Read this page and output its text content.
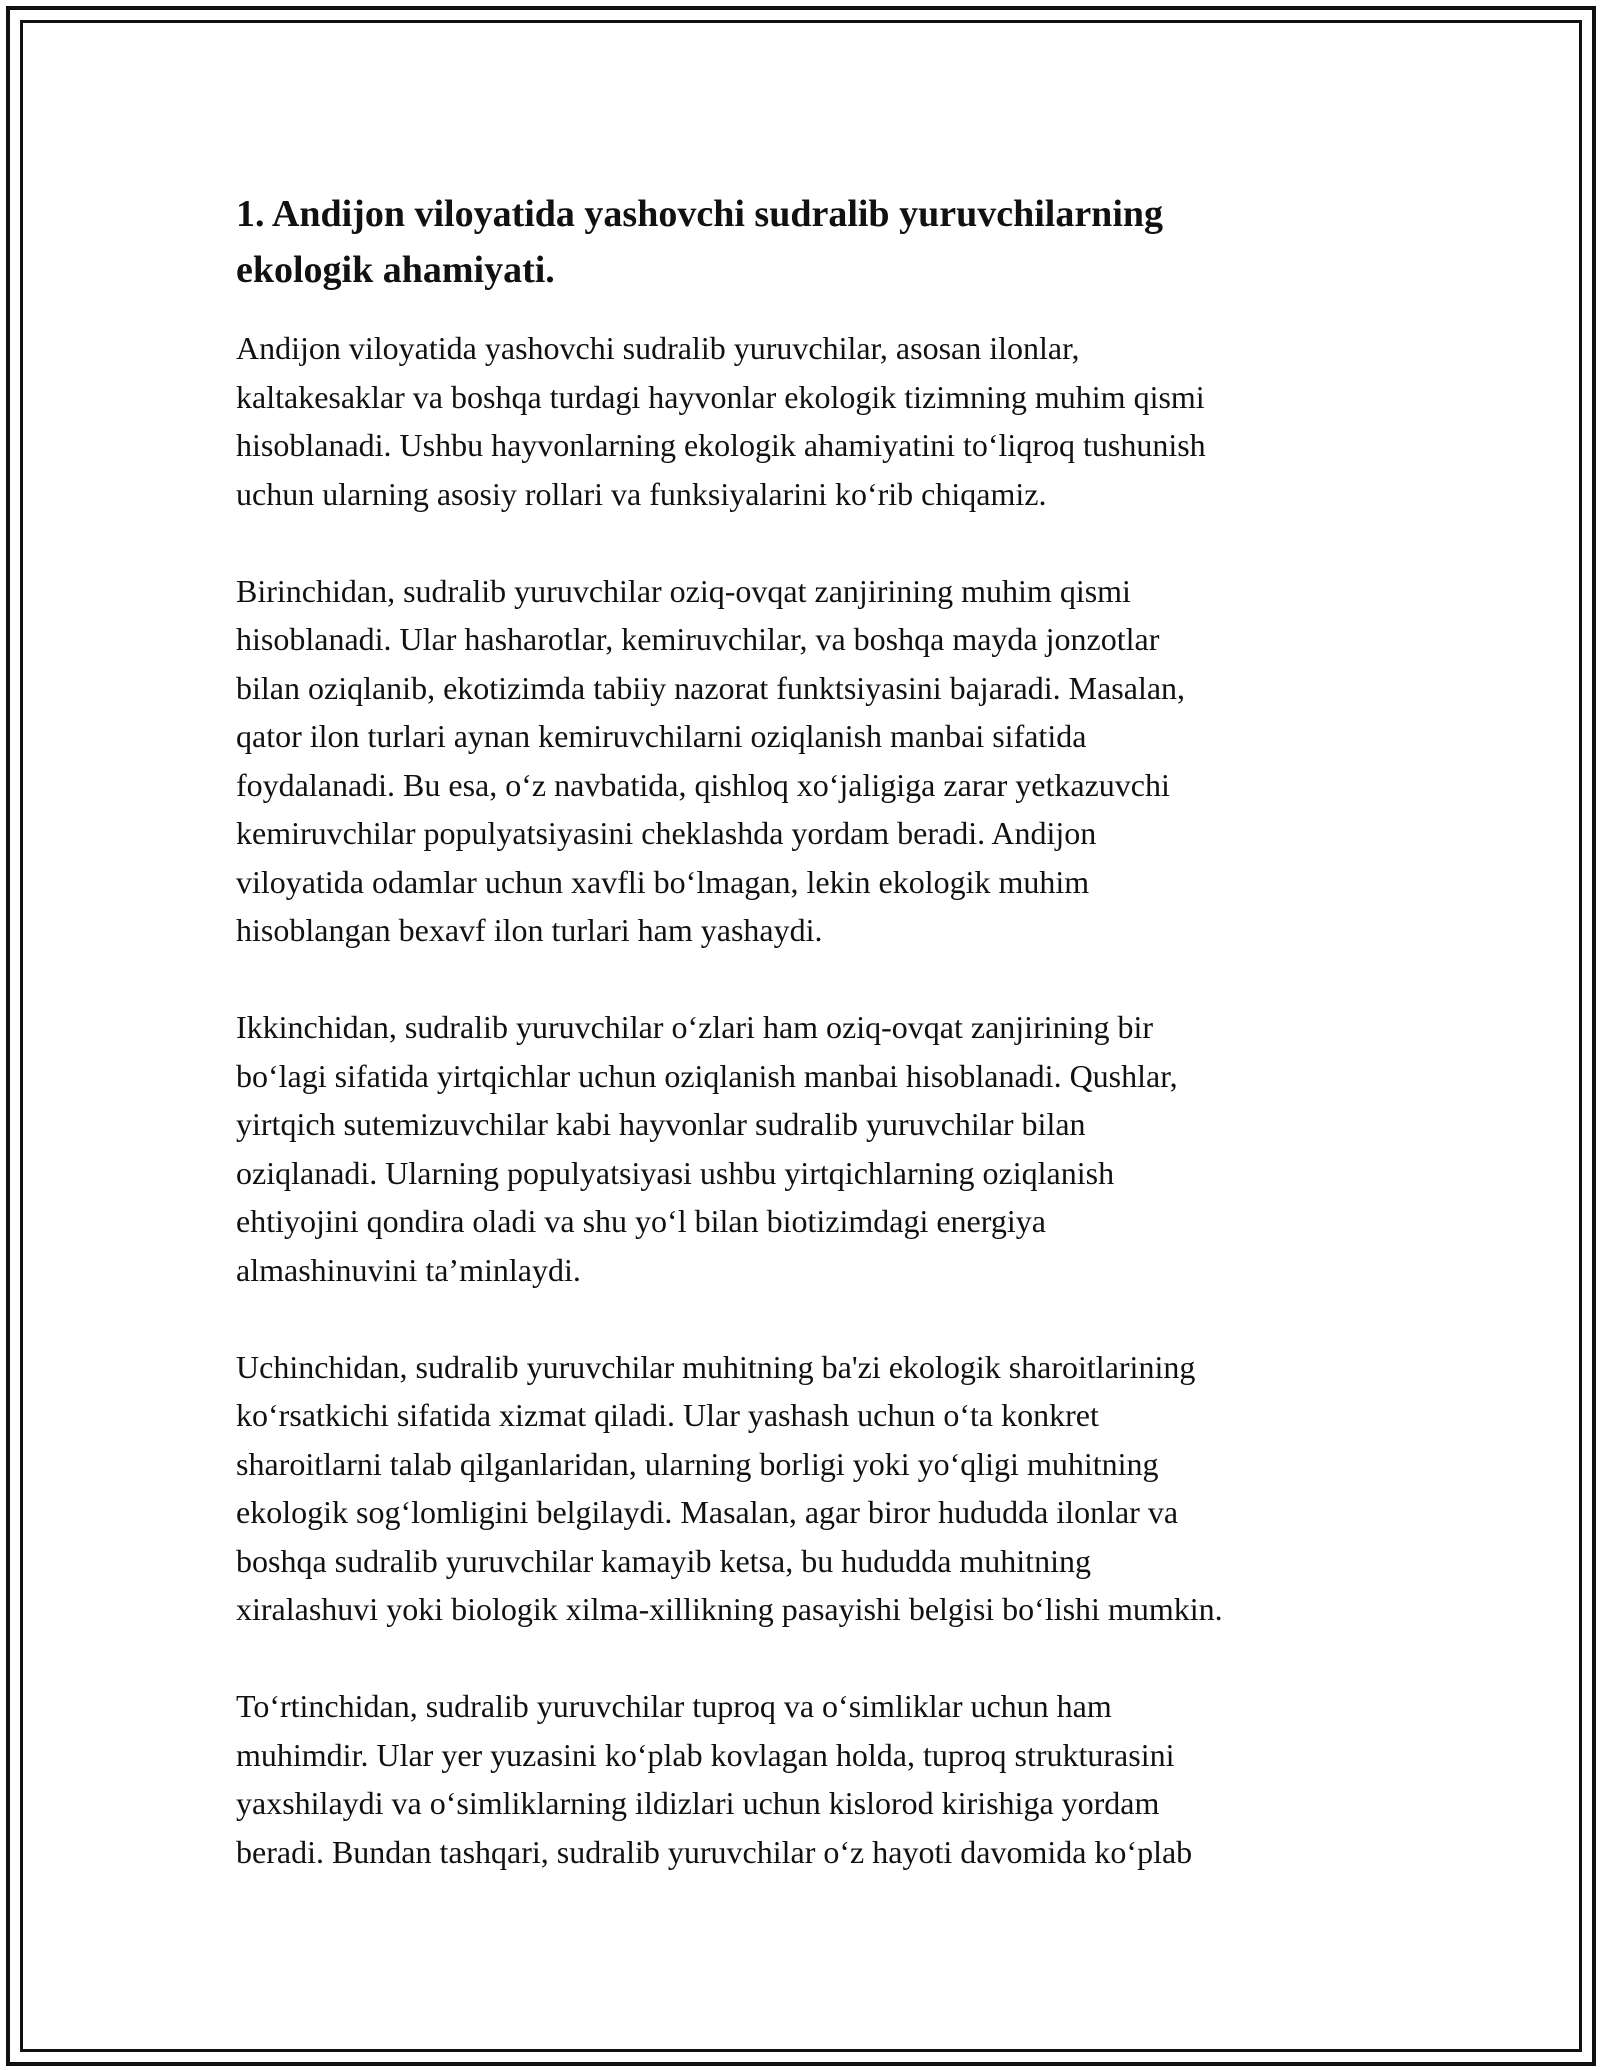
1. Andijon viloyatida yashovchi sudralib yuruvchilarning
ekologik ahamiyati.

Andijon viloyatida yashovchi sudralib yuruvchilar, asosan ilonlar,
kaltakesaklar va boshqa turdagi hayvonlar ekologik tizimning muhim qismi
hisoblanadi. Ushbu hayvonlarning ekologik ahamiyatini to‘liqroq tushunish
uchun ularning asosiy rollari va funksiyalarini ko‘rib chiqamiz.

Birinchidan, sudralib yuruvchilar oziq-ovqat zanjirining muhim qismi
hisoblanadi. Ular hasharotlar, kemiruvchilar, va boshqa mayda jonzotlar
bilan oziqlanib, ekotizimda tabiiy nazorat funktsiyasini bajaradi. Masalan,
qator ilon turlari aynan kemiruvchilarni oziqlanish manbai sifatida
foydalanadi. Bu esa, o‘z navbatida, qishloq xo‘jaligiga zarar yetkazuvchi
kemiruvchilar populyatsiyasini cheklashda yordam beradi. Andijon
viloyatida odamlar uchun xavfli bo‘lmagan, lekin ekologik muhim
hisoblangan bexavf ilon turlari ham yashaydi.

Ikkinchidan, sudralib yuruvchilar o‘zlari ham oziq-ovqat zanjirining bir
bo‘lagi sifatida yirtqichlar uchun oziqlanish manbai hisoblanadi. Qushlar,
yirtqich sutemizuvchilar kabi hayvonlar sudralib yuruvchilar bilan
oziqlanadi. Ularning populyatsiyasi ushbu yirtqichlarning oziqlanish
ehtiyojini qondira oladi va shu yo‘l bilan biotizimdagi energiya
almashinuvini ta’minlaydi.

Uchinchidan, sudralib yuruvchilar muhitning ba'zi ekologik sharoitlarining
ko‘rsatkichi sifatida xizmat qiladi. Ular yashash uchun o‘ta konkret
sharoitlarni talab qilganlaridan, ularning borligi yoki yo‘qligi muhitning
ekologik sog‘lomligini belgilaydi. Masalan, agar biror hududda ilonlar va
boshqa sudralib yuruvchilar kamayib ketsa, bu hududda muhitning
xiralashuvi yoki biologik xilma-xillikning pasayishi belgisi bo‘lishi mumkin.

To‘rtinchidan, sudralib yuruvchilar tuproq va o‘simliklar uchun ham
muhimdir. Ular yer yuzasini ko‘plab kovlagan holda, tuproq strukturasini
yaxshilaydi va o‘simliklarning ildizlari uchun kislorod kirishiga yordam
beradi. Bundan tashqari, sudralib yuruvchilar o‘z hayoti davomida ko‘plab
